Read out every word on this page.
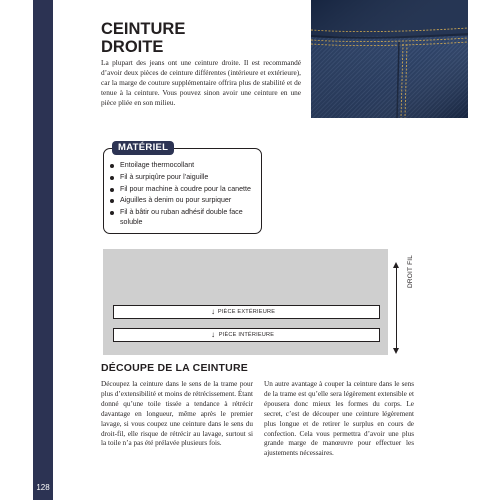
CEINTURE
128
CEINTURE
DROITE

La plupart des jeans ont une ceinture droite. Il est recommandé d’avoir deux pièces de ceinture différentes (intérieure et extérieure), car la marge de couture supplémentaire offrira plus de stabilité et de tenue à la ceinture. Vous pouvez sinon avoir une ceinture en une pièce pliée en son milieu.

MATÉRIEL
Entoilage thermocollant
Fil à surpiqûre pour l’aiguille
Fil pour machine à coudre pour la canette
Aiguilles à denim ou pour surpiquer
Fil à bâtir ou ruban adhésif double face soluble
↓ PIÈCE EXTÉRIEURE
↓ PIÈCE INTÉRIEURE
DROIT FIL
DÉCOUPE DE LA CEINTURE

Découpez la ceinture dans le sens de la trame pour plus d’extensibilité et moins de rétrécissement. Étant donné qu’une toile tissée a tendance à rétrécir davantage en longueur, même après le premier lavage, si vous coupez une ceinture dans le sens du droit-fil, elle risque de rétrécir au lavage, surtout si la toile n’a pas été prélavée plusieurs fois.

Un autre avantage à couper la ceinture dans le sens de la trame est qu’elle sera légèrement extensible et épousera donc mieux les formes du corps. Le secret, c’est de découper une ceinture légèrement plus longue et de retirer le surplus en cours de confection. Cela vous permettra d’avoir une plus grande marge de manœuvre pour effectuer les ajustements nécessaires.
